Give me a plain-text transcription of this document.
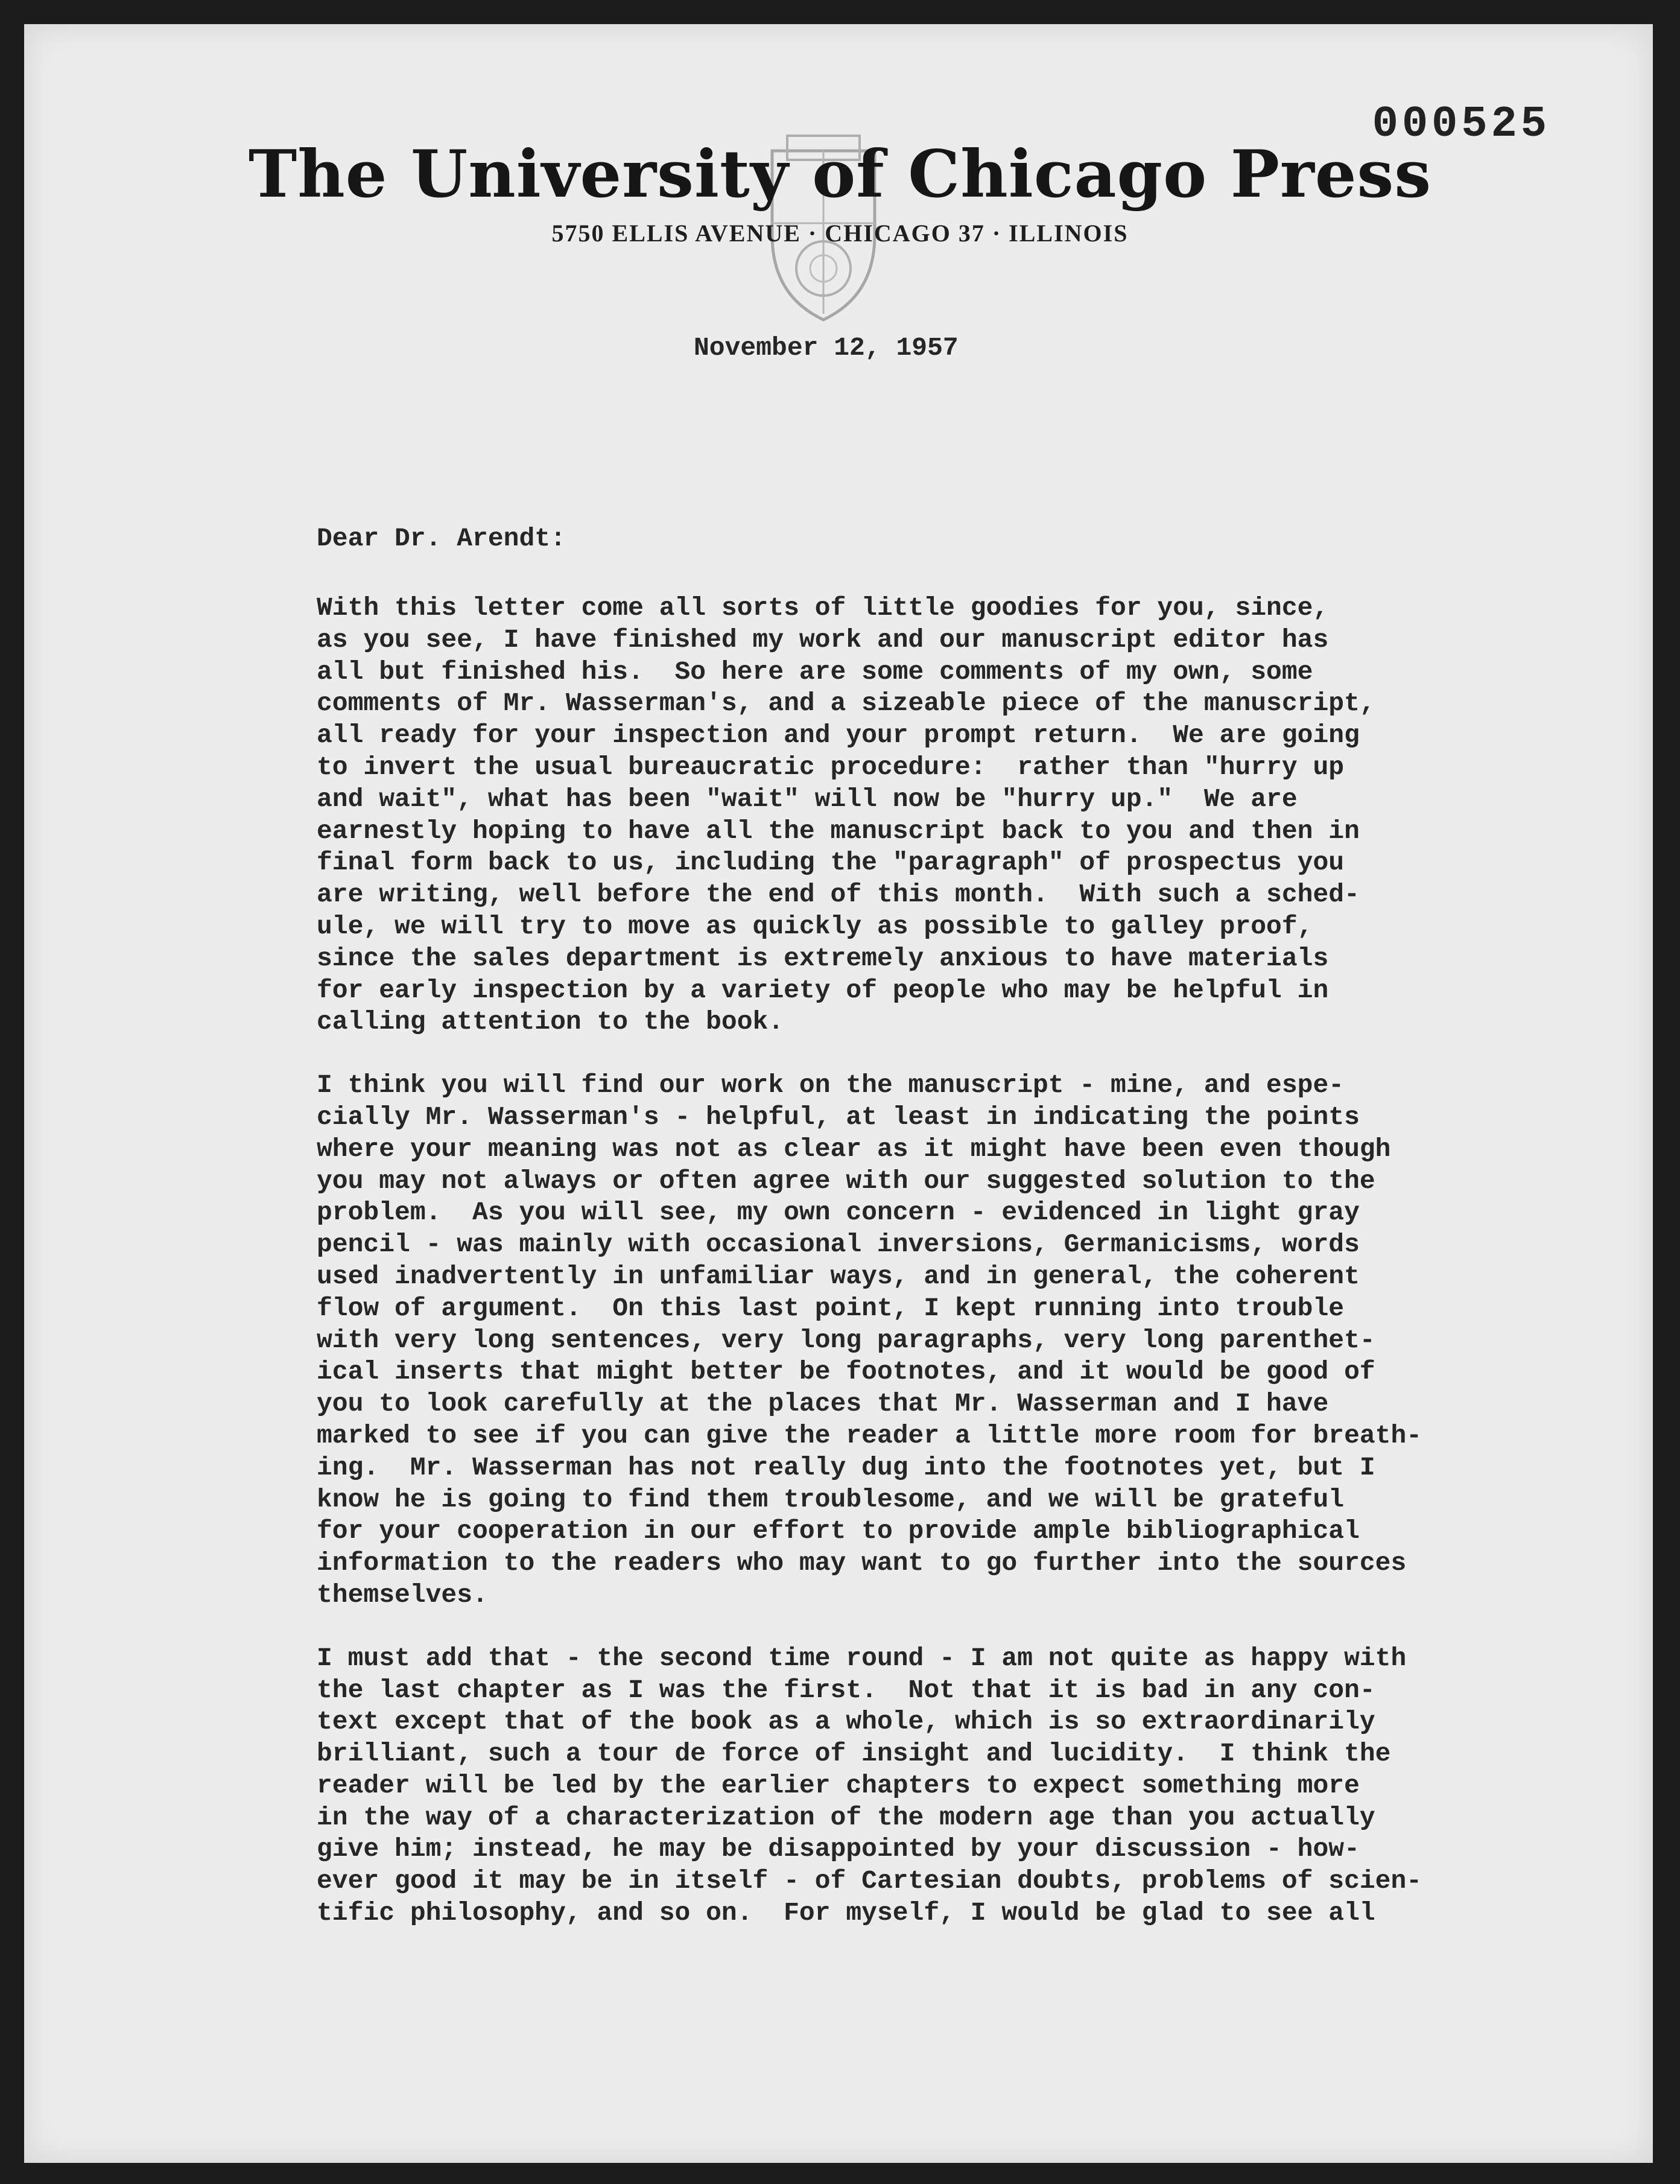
000525
The University of Chicago Press
5750 ELLIS AVENUE · CHICAGO 37 · ILLINOIS
November 12, 1957
Dear Dr. Arendt:
With this letter come all sorts of little goodies for you, since,
as you see, I have finished my work and our manuscript editor has
all but finished his.  So here are some comments of my own, some
comments of Mr. Wasserman's, and a sizeable piece of the manuscript,
all ready for your inspection and your prompt return.  We are going
to invert the usual bureaucratic procedure:  rather than "hurry up
and wait", what has been "wait" will now be "hurry up."  We are
earnestly hoping to have all the manuscript back to you and then in
final form back to us, including the "paragraph" of prospectus you
are writing, well before the end of this month.  With such a sched-
ule, we will try to move as quickly as possible to galley proof,
since the sales department is extremely anxious to have materials
for early inspection by a variety of people who may be helpful in
calling attention to the book.
I think you will find our work on the manuscript - mine, and espe-
cially Mr. Wasserman's - helpful, at least in indicating the points
where your meaning was not as clear as it might have been even though
you may not always or often agree with our suggested solution to the
problem.  As you will see, my own concern - evidenced in light gray
pencil - was mainly with occasional inversions, Germanicisms, words
used inadvertently in unfamiliar ways, and in general, the coherent
flow of argument.  On this last point, I kept running into trouble
with very long sentences, very long paragraphs, very long parenthet-
ical inserts that might better be footnotes, and it would be good of
you to look carefully at the places that Mr. Wasserman and I have
marked to see if you can give the reader a little more room for breath-
ing.  Mr. Wasserman has not really dug into the footnotes yet, but I
know he is going to find them troublesome, and we will be grateful
for your cooperation in our effort to provide ample bibliographical
information to the readers who may want to go further into the sources
themselves.
I must add that - the second time round - I am not quite as happy with
the last chapter as I was the first.  Not that it is bad in any con-
text except that of the book as a whole, which is so extraordinarily
brilliant, such a tour de force of insight and lucidity.  I think the
reader will be led by the earlier chapters to expect something more
in the way of a characterization of the modern age than you actually
give him; instead, he may be disappointed by your discussion - how-
ever good it may be in itself - of Cartesian doubts, problems of scien-
tific philosophy, and so on.  For myself, I would be glad to see all
